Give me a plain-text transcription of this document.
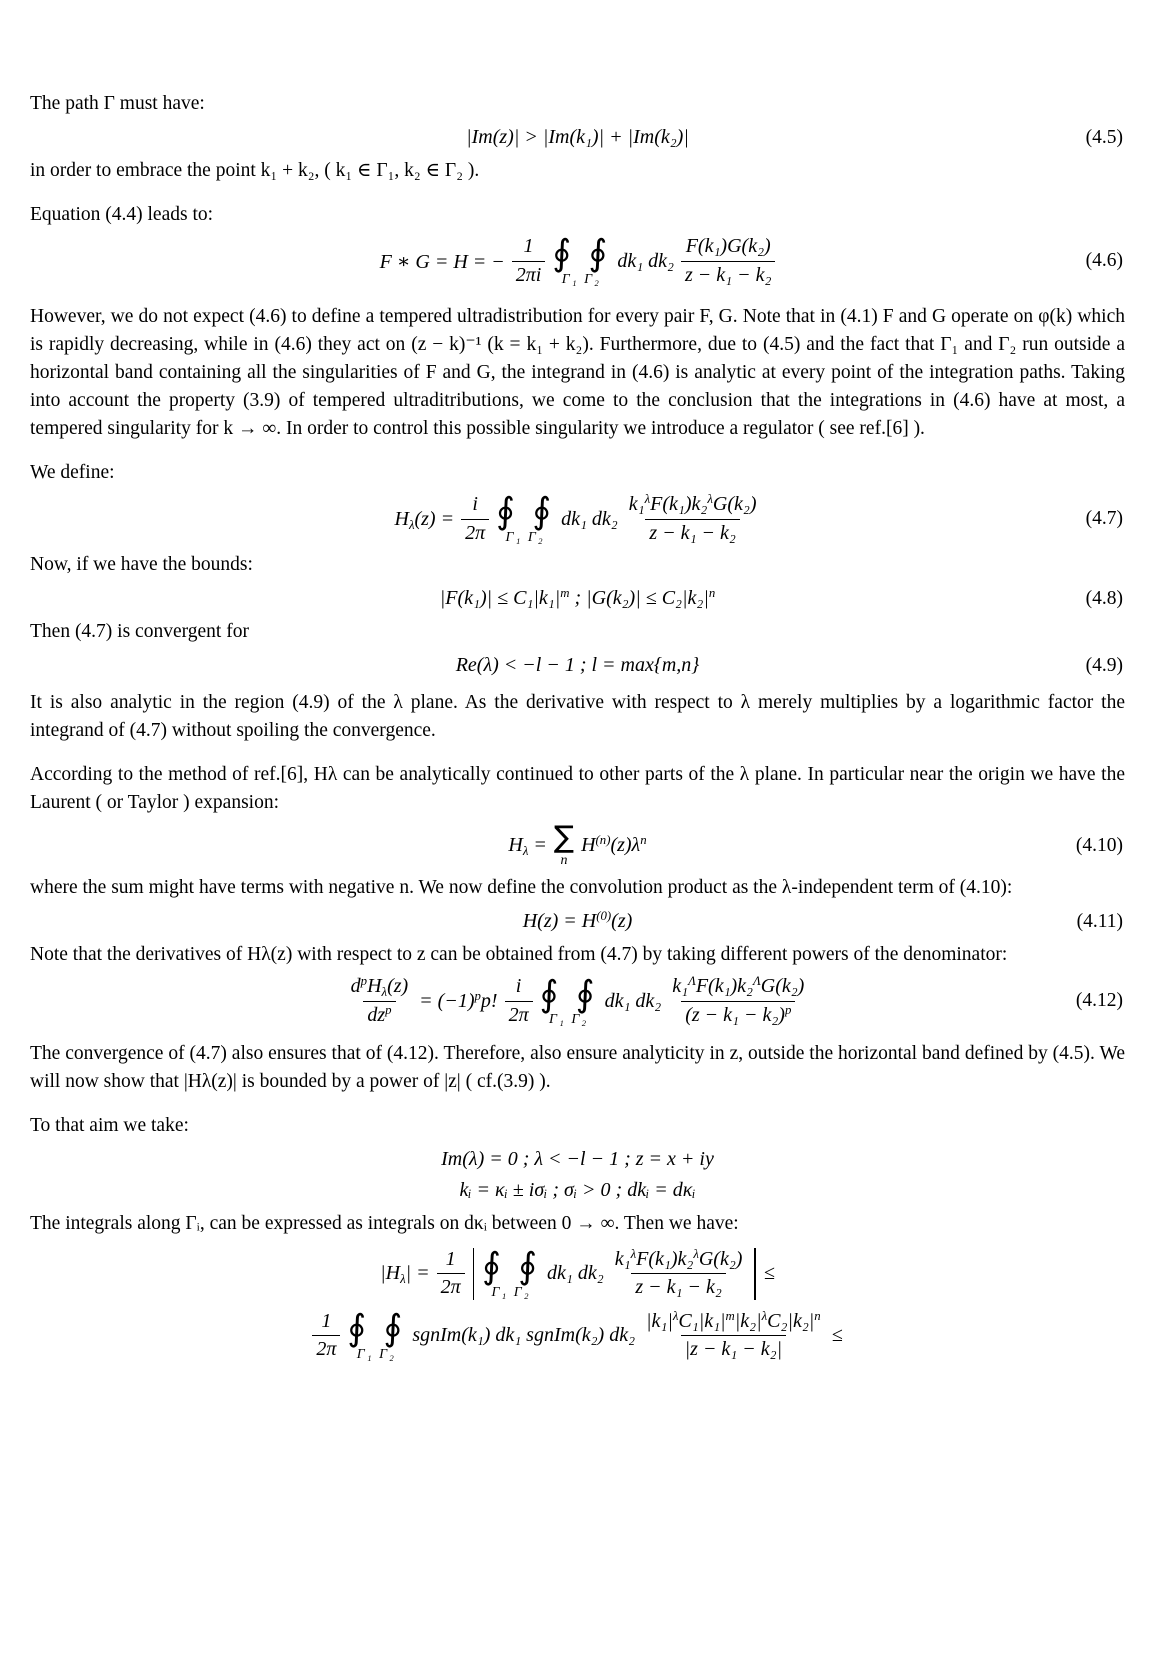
The path Γ must have:

|Im(z)| > |Im(k₁)| + |Im(k₂)|	(4.5)

in order to embrace the point k₁ + k₂, ( k₁ ∈ Γ₁, k₂ ∈ Γ₂ ).

Equation (4.4) leads to:

F ∗ G = H = − $\frac{1}{2\pi i}$ ∮ ∮
Γ₁ Γ₂
dk₁ $dk_2 \frac{\text{F(k₁)G(k₂)}}{\text{z − k₁ − k₂}}$	(4.6)

However, we do not expect (4.6) to define a tempered ultradistribution for every pair F, G. Note that in (4.1) F and G operate on φ(k) which is rapidly decreasing, while in (4.6) they act on (z − k)⁻¹ (k = k₁ + k₂). Furthermore, due to (4.5) and the fact that Γ₁ and Γ₂ run outside a horizontal band containing all the singularities of F and G, the integrand in (4.6) is analytic at every point of the integration paths. Taking into account the property (3.9) of tempered ultraditributions, we come to the conclusion that the integrations in (4.6) have at most, a tempered singularity for k → ∞. In order to control this possible singularity we introduce a regulator ( see ref.[6] ).

We define:

$H_\lambda(z) = \frac{i}{2\pi}$ ∮ ∮
Γ₁ Γ₂
dk₁ $dk_2 \frac{k_1^\lambda F(k_1)k_2^\lambda G(k_2)}{\text{z − k₁ − k₂}}$	(4.7)

Now, if we have the bounds:

$|F(k_1)| \le C_1|k_1|^m$ ; $|G(k_2)| \le C_2|k_2|^n$	(4.8)

Then (4.7) is convergent for

Re(λ) < −l − 1 ; l = max{m,n}	(4.9)

It is also analytic in the region (4.9) of the λ plane. As the derivative with respect to λ merely multiplies by a logarithmic factor the integrand of (4.7) without spoiling the convergence.

According to the method of ref.[6], Hλ can be analytically continued to other parts of the λ plane. In particular near the origin we have the Laurent ( or Taylor ) expansion:

$H_\lambda$ = ∑
n
$H^{(n)}(z)\lambda^n$	(4.10)

where the sum might have terms with negative n. We now define the convolution product as the λ-independent term of (4.10):

$H(z) = H^{(0)}(z)$	(4.11)

Note that the derivatives of Hλ(z) with respect to z can be obtained from (4.7) by taking different powers of the denominator:

$\frac{d^pH_\lambda(z)}{dz^p} = (-1)^pp$! $\frac{i}{2\pi}$ ∮ ∮
Γ₁ Γ₂
dk₁ $dk_2 \frac{k_1^\Lambda F(k_1)k_2^\Lambda G(k_2)}{(z - k_1 - k_2)^p}$	(4.12)

The convergence of (4.7) also ensures that of (4.12). Therefore, also ensure analyticity in z, outside the horizontal band defined by (4.5). We will now show that |Hλ(z)| is bounded by a power of |z| ( cf.(3.9) ).

To that aim we take:

Im(λ) = 0 ; λ < −l − 1 ; z = x + iy
kᵢ = κᵢ ± iσᵢ ; σᵢ > 0 ; dkᵢ = dκᵢ

The integrals along Γᵢ, can be expressed as integrals on dκᵢ between 0 → ∞. Then we have:

$|H_\lambda| = \frac{1}{2\pi}$ ∮ ∮
Γ₁ Γ₂
dk₁ $dk_2 \frac{k_1^\lambda F(k_1)k_2^\lambda G(k_2)}{\text{z − k₁ − k₂}}$ ≤
$\frac{1}{2\pi}$ ∮ ∮
Γ₁ Γ₂
sgnIm(k₁) dk₁ sgnIm(k₂) $dk_2 \frac{|k_1|^\lambda C_1|k_1|^m|k_2|^\lambda C_2|k_2|^n}{\text{|z − k₁ − k₂|}}$ ≤
